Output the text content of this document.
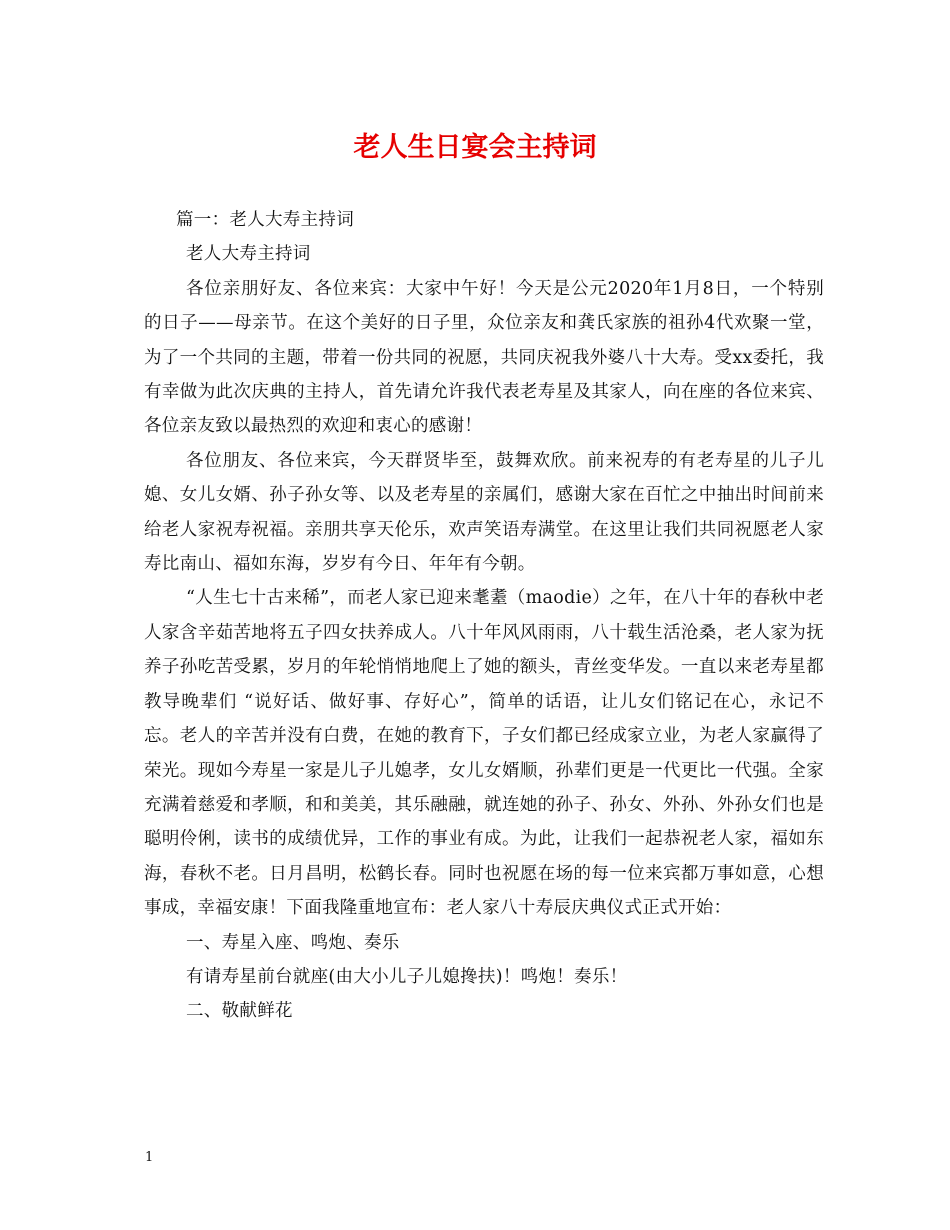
老人生日宴会主持词

篇一：老人大寿主持词

老人大寿主持词

各位亲朋好友、各位来宾：大家中午好！今天是公元2020年1月8日，一个特别的日子——母亲节。在这个美好的日子里，众位亲友和龚氏家族的祖孙4代欢聚一堂，为了一个共同的主题，带着一份共同的祝愿，共同庆祝我外婆八十大寿。受xx委托，我有幸做为此次庆典的主持人，首先请允许我代表老寿星及其家人，向在座的各位来宾、各位亲友致以最热烈的欢迎和衷心的感谢！

各位朋友、各位来宾，今天群贤毕至，鼓舞欢欣。前来祝寿的有老寿星的儿子儿媳、女儿女婿、孙子孙女等、以及老寿星的亲属们，感谢大家在百忙之中抽出时间前来给老人家祝寿祝福。亲朋共享天伦乐，欢声笑语寿满堂。在这里让我们共同祝愿老人家寿比南山、福如东海，岁岁有今日、年年有今朝。

“人生七十古来稀”，而老人家已迎来耄耋（maodie）之年，在八十年的春秋中老人家含辛茹苦地将五子四女扶养成人。八十年风风雨雨，八十载生活沧桑，老人家为抚养子孙吃苦受累，岁月的年轮悄悄地爬上了她的额头，青丝变华发。一直以来老寿星都教导晚辈们 “说好话、做好事、存好心”，简单的话语，让儿女们铭记在心，永记不忘。老人的辛苦并没有白费，在她的教育下，子女们都已经成家立业，为老人家赢得了荣光。现如今寿星一家是儿子儿媳孝，女儿女婿顺，孙辈们更是一代更比一代强。全家充满着慈爱和孝顺，和和美美，其乐融融，就连她的孙子、孙女、外孙、外孙女们也是聪明伶俐，读书的成绩优异，工作的事业有成。为此，让我们一起恭祝老人家，福如东海，春秋不老。日月昌明，松鹤长春。同时也祝愿在场的每一位来宾都万事如意，心想事成，幸福安康！下面我隆重地宣布：老人家八十寿辰庆典仪式正式开始：

一、寿星入座、鸣炮、奏乐

有请寿星前台就座(由大小儿子儿媳搀扶)！鸣炮！奏乐！

二、敬献鲜花

1
